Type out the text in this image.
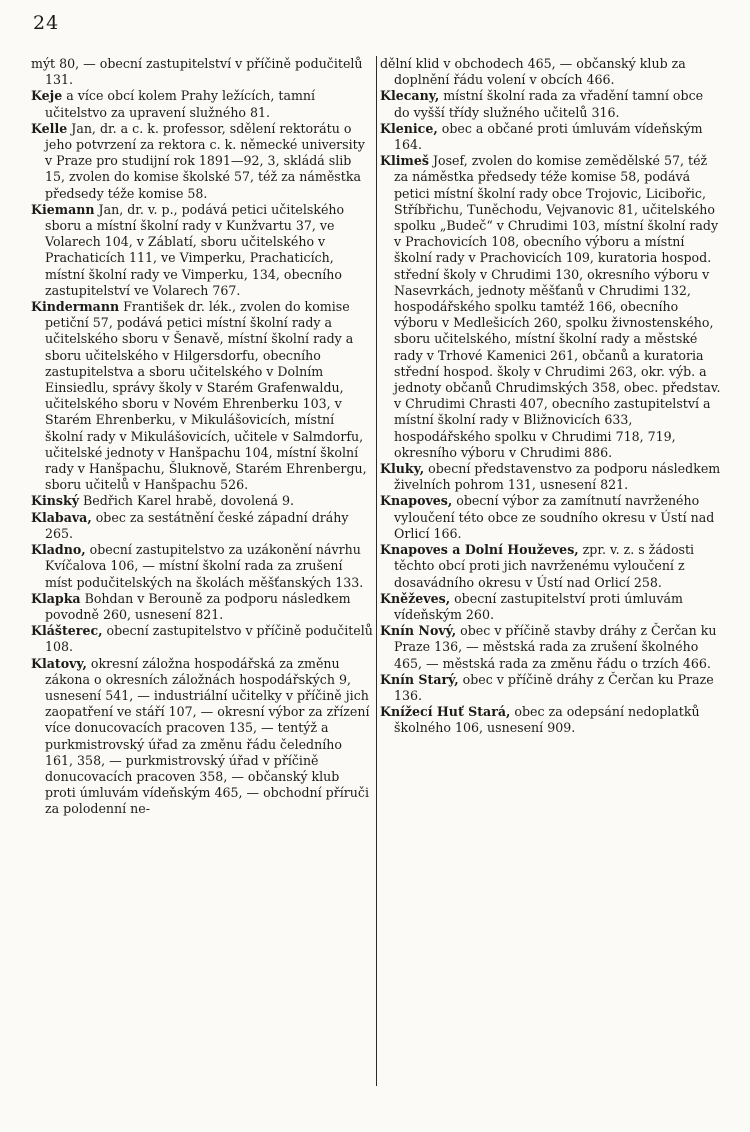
24

mýt 80, — obecní zastupitelství v příčině podučitelů 131.

Keje a více obcí kolem Prahy ležících, tamní učitelstvo za upravení služného 81.

Kelle Jan, dr. a c. k. professor, sdělení rektorátu o jeho potvrzení za rektora c. k. německé university v Praze pro studijní rok 1891—92, 3, skládá slib 15, zvolen do komise školské 57, též za náměstka předsedy téže komise 58.

Kiemann Jan, dr. v. p., podává petici učitelského sboru a místní školní rady v Kunžvartu 37, ve Volarech 104, v Záblatí, sboru učitelského v Prachaticích 111, ve Vimperku, Prachaticích, místní školní rady ve Vimperku, 134, obecního zastupitelství ve Volarech 767.

Kindermann František dr. lék., zvolen do komise petiční 57, podává petici místní školní rady a učitelského sboru v Šenavě, místní školní rady a sboru učitelského v Hilgersdorfu, obecního zastupitelstva a sboru učitelského v Dolním Einsiedlu, správy školy v Starém Grafenwaldu, učitelského sboru v Novém Ehrenberku 103, v Starém Ehrenberku, v Mikulášovicích, místní školní rady v Mikulášovicích, učitele v Salmdorfu, učitelské jednoty v Hanšpachu 104, místní školní rady v Hanšpachu, Šluknově, Starém Ehrenbergu, sboru učitelů v Hanšpachu 526.

Kinský Bedřich Karel hrabě, dovolená 9.

Klabava, obec za sestátnění české západní dráhy 265.

Kladno, obecní zastupitelstvo za uzákonění návrhu Kvíčalova 106, — místní školní rada za zrušení míst podučitelských na školách měšťanských 133.

Klapka Bohdan v Berouně za podporu následkem povodně 260, usnesení 821.

Klášterec, obecní zastupitelstvo v příčině podučitelů 108.

Klatovy, okresní záložna hospodářská za změnu zákona o okresních záložnách hospodářských 9, usnesení 541, — industriální učitelky v příčině jich zaopatření ve stáří 107, — okresní výbor za zřízení více donucovacích pracoven 135, — tentýž a purkmistrovský úřad za změnu řádu čeledního 161, 358, — purkmistrovský úřad v příčině donucovacích pracoven 358, — občanský klub proti úmluvám vídeňským 465, — obchodní příruči za polodenní ne-

dělní klid v obchodech 465, — občanský klub za doplnění řádu volení v obcích 466.

Klecany, místní školní rada za vřadění tamní obce do vyšší třídy služného učitelů 316.

Klenice, obec a občané proti úmluvám vídeňským 164.

Klimeš Josef, zvolen do komise zemědělské 57, též za náměstka předsedy téže komise 58, podává petici místní školní rady obce Trojovic, Licibořic, Stříbřichu, Tuněchodu, Vejvanovic 81, učitelského spolku „Budeč“ v Chrudimi 103, místní školní rady v Prachovicích 108, obecního výboru a místní školní rady v Prachovicích 109, kuratoria hospod. střední školy v Chrudimi 130, okresního výboru v Nasevrkách, jednoty měšťanů v Chrudimi 132, hospodářského spolku tamtéž 166, obecního výboru v Medlešicích 260, spolku živnostenského, sboru učitelského, místní školní rady a městské rady v Trhové Kamenici 261, občanů a kuratoria střední hospod. školy v Chrudimi 263, okr. výb. a jednoty občanů Chrudimských 358, obec. představ. v Chrudimi Chrasti 407, obecního zastupitelství a místní školní rady v Bližnovicích 633, hospodářského spolku v Chrudimi 718, 719, okresního výboru v Chrudimi 886.

Kluky, obecní představenstvo za podporu následkem živelních pohrom 131, usnesení 821.

Knapoves, obecní výbor za zamítnutí navrženého vyloučení této obce ze soudního okresu v Ústí nad Orlicí 166.

Knapoves a Dolní Houževes, zpr. v. z. s žádosti těchto obcí proti jich navrženému vyloučení z dosavádního okresu v Ústí nad Orlicí 258.

Kněževes, obecní zastupitelství proti úmluvám vídeňským 260.

Knín Nový, obec v příčině stavby dráhy z Čerčan ku Praze 136, — městská rada za zrušení školného 465, — městská rada za změnu řádu o trzích 466.

Knín Starý, obec v příčině dráhy z Čerčan ku Praze 136.

Knížecí Huť Stará, obec za odepsání nedoplatků školného 106, usnesení 909.
